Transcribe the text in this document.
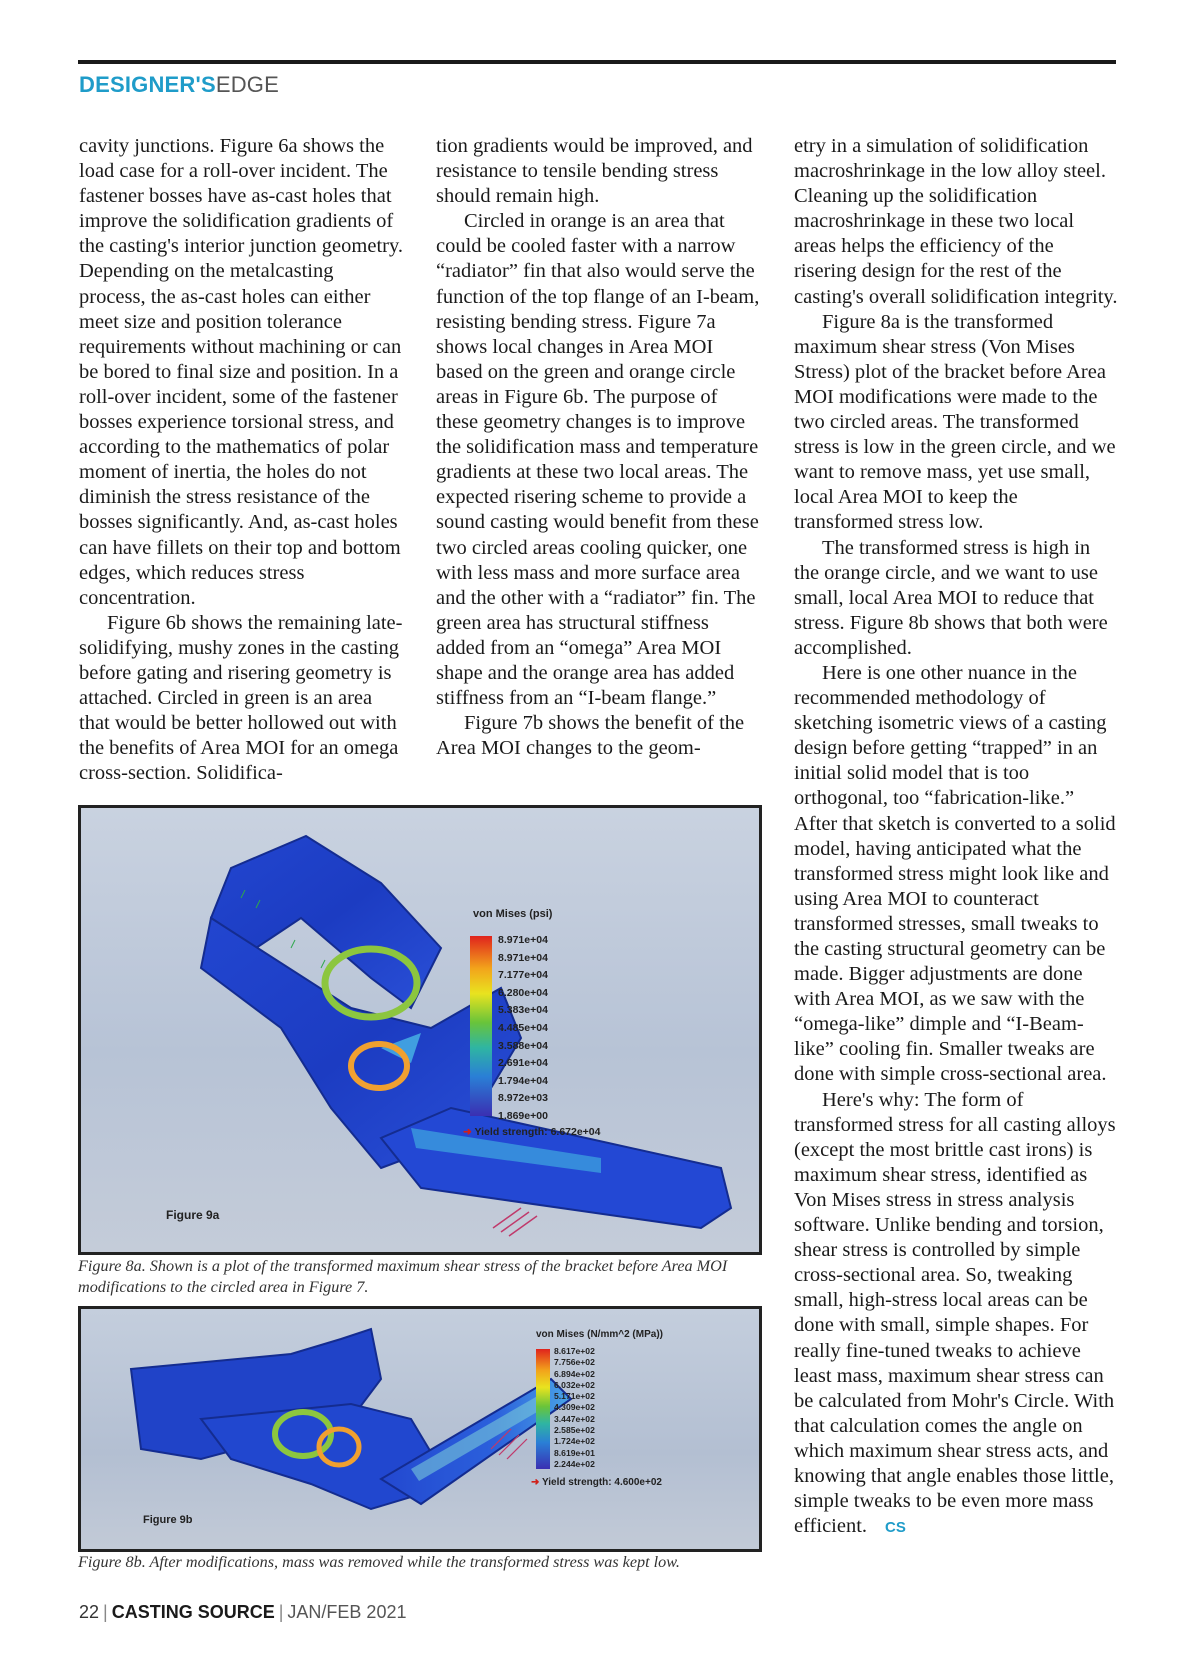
DESIGNER'SEDGE

cavity junctions. Figure 6a shows the load case for a roll-over incident. The fastener bosses have as-cast holes that improve the solidification gradients of the casting's interior junction geometry. Depending on the metalcasting process, the as-cast holes can either meet size and position tolerance requirements without machining or can be bored to final size and position. In a roll-over incident, some of the fastener bosses experience torsional stress, and according to the mathematics of polar moment of inertia, the holes do not diminish the stress resistance of the bosses significantly. And, as-cast holes can have fillets on their top and bottom edges, which reduces stress concentration.

Figure 6b shows the remaining late-solidifying, mushy zones in the casting before gating and risering geometry is attached. Circled in green is an area that would be better hollowed out with the benefits of Area MOI for an omega cross-section. Solidifica-

tion gradients would be improved, and resistance to tensile bending stress should remain high.

Circled in orange is an area that could be cooled faster with a narrow “radiator” fin that also would serve the function of the top flange of an I-beam, resisting bending stress. Figure 7a shows local changes in Area MOI based on the green and orange circle areas in Figure 6b. The purpose of these geometry changes is to improve the solidification mass and temperature gradients at these two local areas. The expected risering scheme to provide a sound casting would benefit from these two circled areas cooling quicker, one with less mass and more surface area and the other with a “radiator” fin. The green area has structural stiffness added from an “omega” Area MOI shape and the orange area has added stiffness from an “I-beam flange.”

Figure 7b shows the benefit of the Area MOI changes to the geom-

etry in a simulation of solidification macroshrinkage in the low alloy steel. Cleaning up the solidification macroshrinkage in these two local areas helps the efficiency of the risering design for the rest of the casting's overall solidification integrity.

Figure 8a is the transformed maximum shear stress (Von Mises Stress) plot of the bracket before Area MOI modifications were made to the two circled areas. The transformed stress is low in the green circle, and we want to remove mass, yet use small, local Area MOI to keep the transformed stress low.

The transformed stress is high in the orange circle, and we want to use small, local Area MOI to reduce that stress. Figure 8b shows that both were accomplished.

Here is one other nuance in the recommended methodology of sketching isometric views of a casting design before getting “trapped” in an initial solid model that is too orthogonal, too “fabrication-like.” After that sketch is converted to a solid model, having anticipated what the transformed stress might look like and using Area MOI to counteract transformed stresses, small tweaks to the casting structural geometry can be made. Bigger adjustments are done with Area MOI, as we saw with the “omega-like” dimple and “I-Beam-like” cooling fin. Smaller tweaks are done with simple cross-sectional area.

Here's why: The form of transformed stress for all casting alloys (except the most brittle cast irons) is maximum shear stress, identified as Von Mises stress in stress analysis software. Unlike bending and torsion, shear stress is controlled by simple cross-sectional area. So, tweaking small, high-stress local areas can be done with small, simple shapes. For really fine-tuned tweaks to achieve least mass, maximum shear stress can be calculated from Mohr's Circle. With that calculation comes the angle on which maximum shear stress acts, and knowing that angle enables those little, simple tweaks to be even more mass efficient. CS

von Mises (psi)
8.971e+04
8.971e+04
7.177e+04
6.280e+04
5.383e+04
4.485e+04
3.588e+04
2.691e+04
1.794e+04
8.972e+03
1.869e+00
➜ Yield strength: 6.672e+04
Figure 9a
Figure 8a. Shown is a plot of the transformed maximum shear stress of the bracket before Area MOI modifications to the circled area in Figure 7.
von Mises (N/mm^2 (MPa))
8.617e+02
7.756e+02
6.894e+02
6.032e+02
5.171e+02
4.309e+02
3.447e+02
2.585e+02
1.724e+02
8.619e+01
2.244e+02
➜ Yield strength: 4.600e+02
Figure 9b
Figure 8b. After modifications, mass was removed while the transformed stress was kept low.
22 | CASTING SOURCE | JAN/FEB 2021
